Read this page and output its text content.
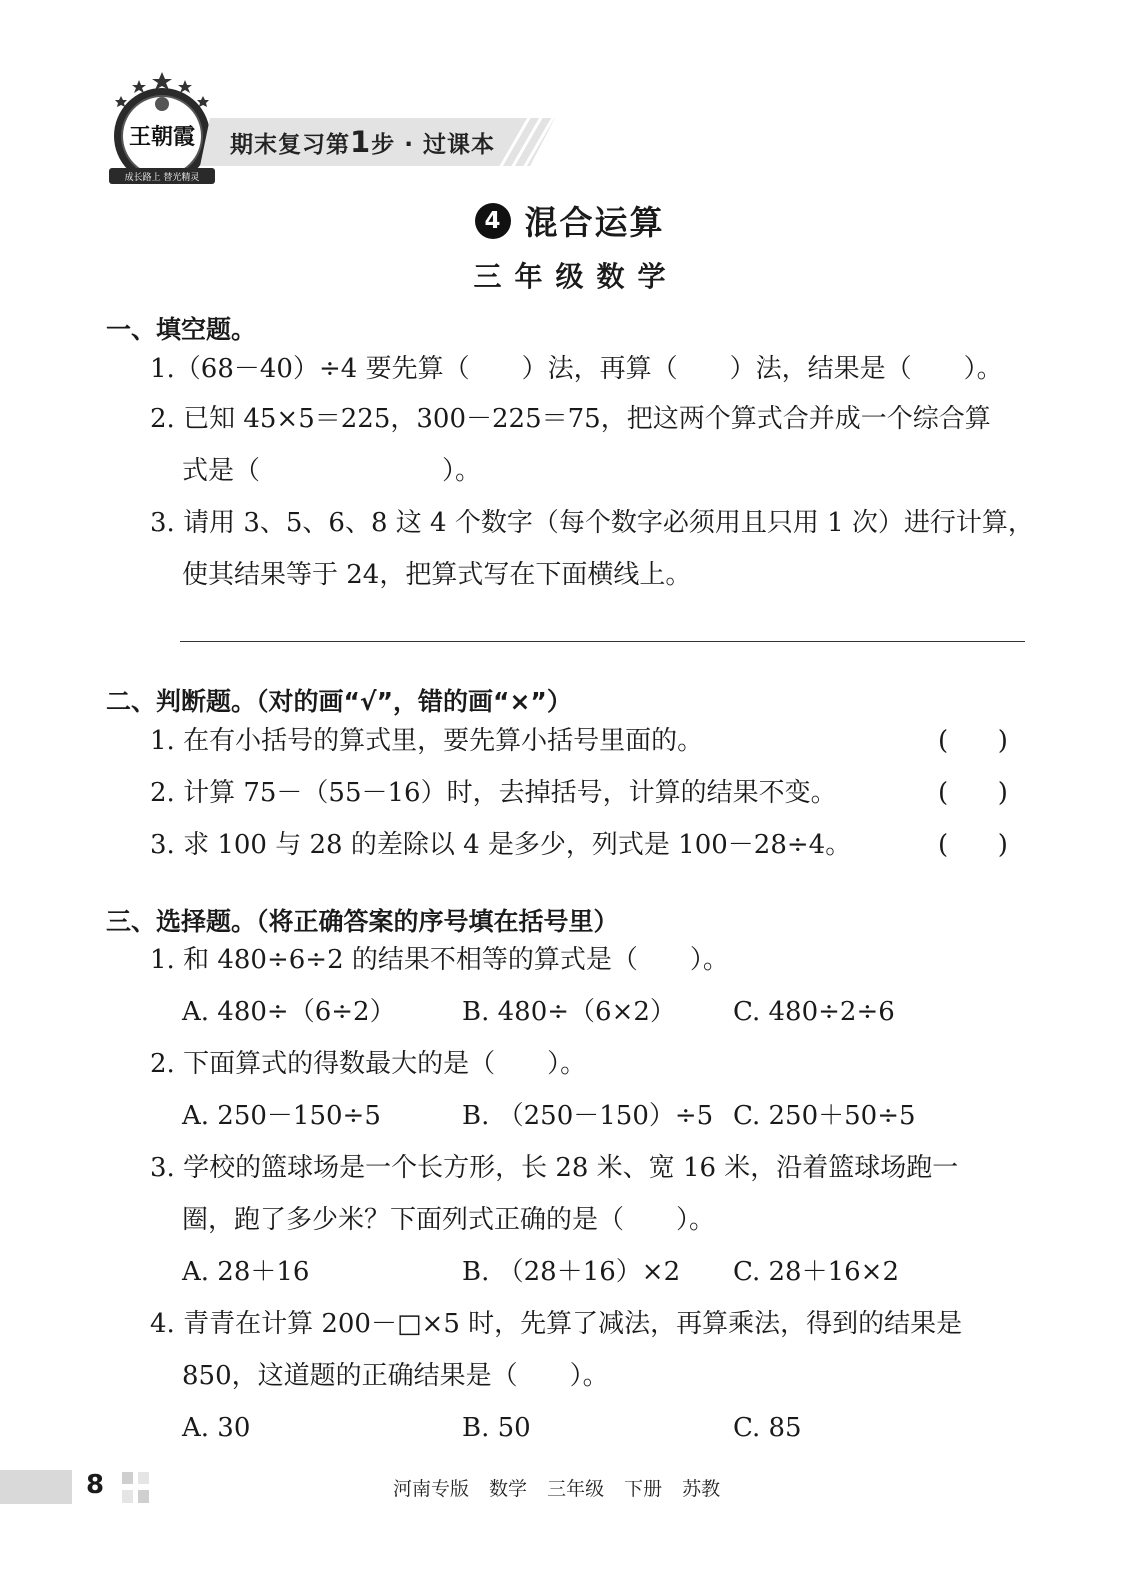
王朝霞
成长路上 替光精灵
期末复习第1步 · 过课本
4 混合运算
三年级数学
一、填空题。
1.（68－40）÷4 要先算（　　）法，再算（　　）法，结果是（　　）。
2. 已知 45×5＝225，300－225＝75，把这两个算式合并成一个综合算
式是（　　　　　　　）。
3. 请用 3、5、6、8 这 4 个数字（每个数字必须用且只用 1 次）进行计算，
使其结果等于 24，把算式写在下面横线上。
二、判断题。（对的画“√”，错的画“×”）
1. 在有小括号的算式里，要先算小括号里面的。	(      )
2. 计算 75－（55－16）时，去掉括号，计算的结果不变。	(      )
3. 求 100 与 28 的差除以 4 是多少，列式是 100－28÷4。	(      )
三、选择题。（将正确答案的序号填在括号里）
1. 和 480÷6÷2 的结果不相等的算式是（　　）。
A. 480÷（6÷2）	B. 480÷（6×2） C. 480÷2÷6
2. 下面算式的得数最大的是（　　）。
A. 250－150÷5	B. （250－150）÷5 C. 250＋50÷5
3. 学校的篮球场是一个长方形，长 28 米、宽 16 米，沿着篮球场跑一
圈，跑了多少米？下面列式正确的是（　　）。
A. 28＋16	B. （28＋16）×2 C. 28＋16×2
4. 青青在计算 200－□×5 时，先算了减法，再算乘法，得到的结果是
850，这道题的正确结果是（　　）。
A. 30	B. 50	C. 85
8	河南专版 数学 三年级 下册 苏教
